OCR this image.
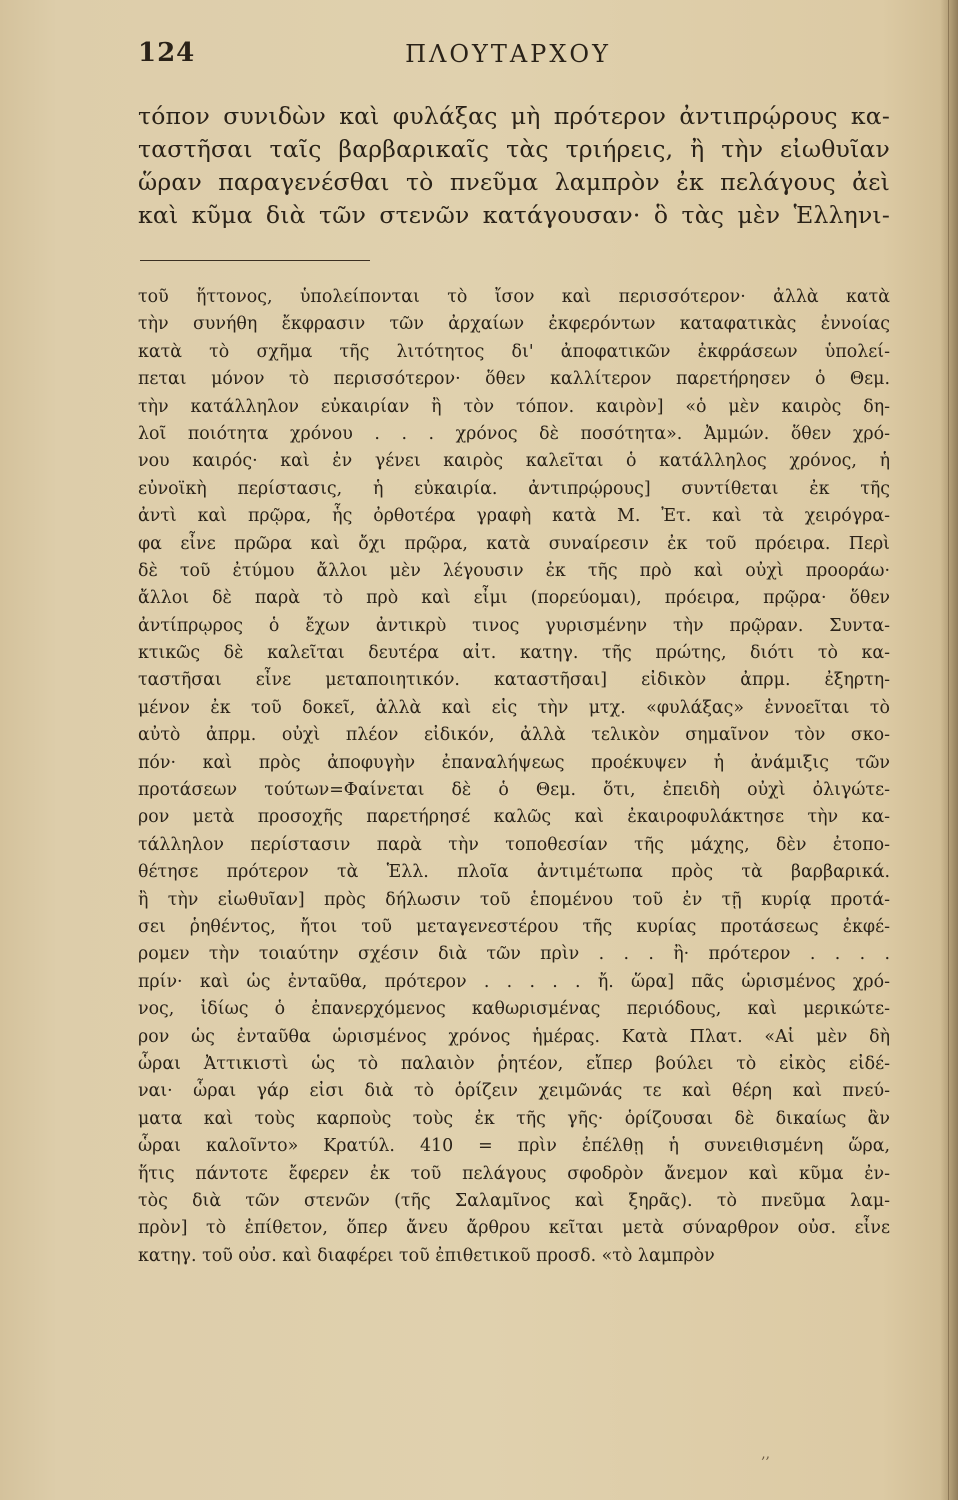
124	ΠΛΟΥΤΑΡΧΟΥ
τόπον συνιδὼν καὶ φυλάξας μὴ πρότερον ἀντιπρῴρους κα-
ταστῆσαι ταῖς βαρβαρικαῖς τὰς τριήρεις, ἢ τὴν εἰωθυῖαν
ὥραν παραγενέσθαι τὸ πνεῦμα λαμπρὸν ἐκ πελάγους ἀεὶ
καὶ κῦμα διὰ τῶν στενῶν κατάγουσαν· ὃ τὰς μὲν Ἑλληνι-
τοῦ ἥττονος, ὑπολείπονται τὸ ἴσον καὶ περισσότερον· ἀλλὰ κατὰ
τὴν συνήθη ἔκφρασιν τῶν ἀρχαίων ἐκφερόντων καταφατικὰς ἐννοίας
κατὰ τὸ σχῆμα τῆς λιτότητος δι' ἀποφατικῶν ἐκφράσεων ὑπολεί-
πεται μόνον τὸ περισσότερον· ὅθεν καλλίτερον παρετήρησεν ὁ Θεμ.
τὴν κατάλληλον εὐκαιρίαν ἢ τὸν τόπον. καιρὸν] «ὁ μὲν καιρὸς δη-
λοῖ ποιότητα χρόνου . . . χρόνος δὲ ποσότητα». Ἀμμών. ὅθεν χρό-
νου καιρός· καὶ ἐν γένει καιρὸς καλεῖται ὁ κατάλληλος χρόνος, ἡ
εὐνοϊκὴ περίστασις, ἡ εὐκαιρία. ἀντιπρῴρους] συντίθεται ἐκ τῆς
ἀντὶ καὶ πρῷρα, ἧς ὀρθοτέρα γραφὴ κατὰ Μ. Ἐτ. καὶ τὰ χειρόγρα-
φα εἶνε πρῶρα καὶ ὄχι πρῷρα, κατὰ συναίρεσιν ἐκ τοῦ πρόειρα. Περὶ
δὲ τοῦ ἐτύμου ἄλλοι μὲν λέγουσιν ἐκ τῆς πρὸ καὶ οὐχὶ προοράω·
ἄλλοι δὲ παρὰ τὸ πρὸ καὶ εἶμι (πορεύομαι), πρόειρα, πρῷρα· ὅθεν
ἀντίπρῳρος ὁ ἔχων ἀντικρὺ τινος γυρισμένην τὴν πρῷραν. Συντα-
κτικῶς δὲ καλεῖται δευτέρα αἰτ. κατηγ. τῆς πρώτης, διότι τὸ κα-
ταστῆσαι εἶνε μεταποιητικόν. καταστῆσαι] εἰδικὸν ἀπρμ. ἐξηρτη-
μένον ἐκ τοῦ δοκεῖ, ἀλλὰ καὶ εἰς τὴν μτχ. «φυλάξας» ἐννοεῖται τὸ
αὐτὸ ἀπρμ. οὐχὶ πλέον εἰδικόν, ἀλλὰ τελικὸν σημαῖνον τὸν σκο-
πόν· καὶ πρὸς ἀποφυγὴν ἐπαναλήψεως προέκυψεν ἡ ἀνάμιξις τῶν
προτάσεων τούτων=Φαίνεται δὲ ὁ Θεμ. ὅτι, ἐπειδὴ οὐχὶ ὀλιγώτε-
ρον μετὰ προσοχῆς παρετήρησέ καλῶς καὶ ἐκαιροφυλάκτησε τὴν κα-
τάλληλον περίστασιν παρὰ τὴν τοποθεσίαν τῆς μάχης, δὲν ἐτοπο-
θέτησε πρότερον τὰ Ἑλλ. πλοῖα ἀντιμέτωπα πρὸς τὰ βαρβαρικά.
ἢ τὴν εἰωθυῖαν] πρὸς δήλωσιν τοῦ ἑπομένου τοῦ ἐν τῇ κυρίᾳ προτά-
σει ῥηθέντος, ἤτοι τοῦ μεταγενεστέρου τῆς κυρίας προτάσεως ἐκφέ-
ρομεν τὴν τοιαύτην σχέσιν διὰ τῶν πρὶν . . . ἢ· πρότερον . . . .
πρίν· καὶ ὡς ἐνταῦθα, πρότερον . . . . . ἤ. ὥρα] πᾶς ὡρισμένος χρό-
νος, ἰδίως ὁ ἐπανερχόμενος καθωρισμένας περιόδους, καὶ μερικώτε-
ρον ὡς ἐνταῦθα ὡρισμένος χρόνος ἡμέρας. Κατὰ Πλατ. «Αἱ μὲν δὴ
ὧραι Ἀττικιστὶ ὡς τὸ παλαιὸν ῥητέον, εἴπερ βούλει τὸ εἰκὸς εἰδέ-
ναι· ὧραι γάρ εἰσι διὰ τὸ ὁρίζειν χειμῶνάς τε καὶ θέρη καὶ πνεύ-
ματα καὶ τοὺς καρποὺς τοὺς ἐκ τῆς γῆς· ὁρίζουσαι δὲ δικαίως ἂν
ὧραι καλοῖντο» Κρατύλ. 410 = πρὶν ἐπέλθῃ ἡ συνειθισμένη ὥρα,
ἥτις πάντοτε ἔφερεν ἐκ τοῦ πελάγους σφοδρὸν ἄνεμον καὶ κῦμα ἐν-
τὸς διὰ τῶν στενῶν (τῆς Σαλαμῖνος καὶ ξηρᾶς). τὸ πνεῦμα λαμ-
πρὸν] τὸ ἐπίθετον, ὅπερ ἄνευ ἄρθρου κεῖται μετὰ σύναρθρον οὐσ. εἶνε
κατηγ. τοῦ οὐσ. καὶ διαφέρει τοῦ ἐπιθετικοῦ προσδ. «τὸ λαμπρὸν
‚‚
